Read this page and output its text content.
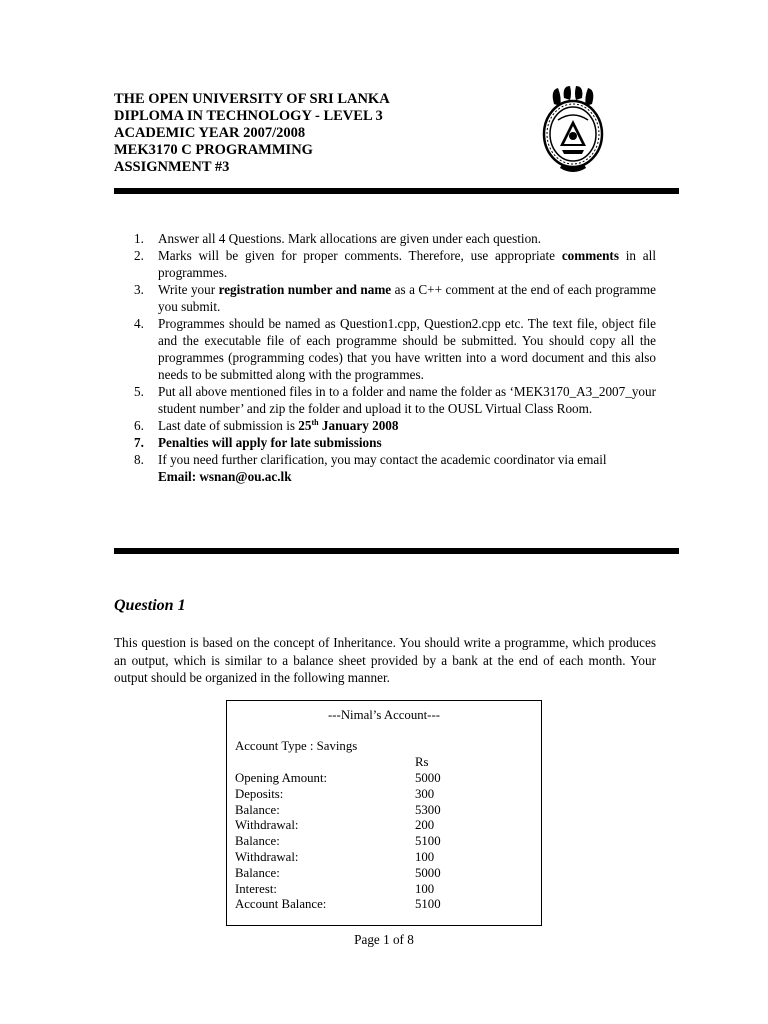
THE OPEN UNIVERSITY OF SRI LANKA
DIPLOMA IN TECHNOLOGY - LEVEL 3
ACADEMIC YEAR 2007/2008
MEK3170 C PROGRAMMING
ASSIGNMENT #3
1. Answer all 4 Questions. Mark allocations are given under each question.
2. Marks will be given for proper comments. Therefore, use appropriate comments in all programmes.
3. Write your registration number and name as a C++ comment at the end of each programme you submit.
4. Programmes should be named as Question1.cpp, Question2.cpp etc. The text file, object file and the executable file of each programme should be submitted. You should copy all the programmes (programming codes) that you have written into a word document and this also needs to be submitted along with the programmes.
5. Put all above mentioned files in to a folder and name the folder as ‘MEK3170_A3_2007_your student number’ and zip the folder and upload it to the OUSL Virtual Class Room.
6. Last date of submission is 25th January 2008
7. Penalties will apply for late submissions
8. If you need further clarification, you may contact the academic coordinator via email
Email: wsnan@ou.ac.lk
Question 1

This question is based on the concept of Inheritance. You should write a programme, which produces an output, which is similar to a balance sheet provided by a bank at the end of each month. Your output should be organized in the following manner.

---Nimal’s Account---
Account Type : Savings
Rs
Opening Amount:	5000
Deposits:	300
Balance:	5300
Withdrawal:	200
Balance:	5100
Withdrawal:	100
Balance:	5000
Interest:	100
Account Balance:	5100
Page 1 of 8
